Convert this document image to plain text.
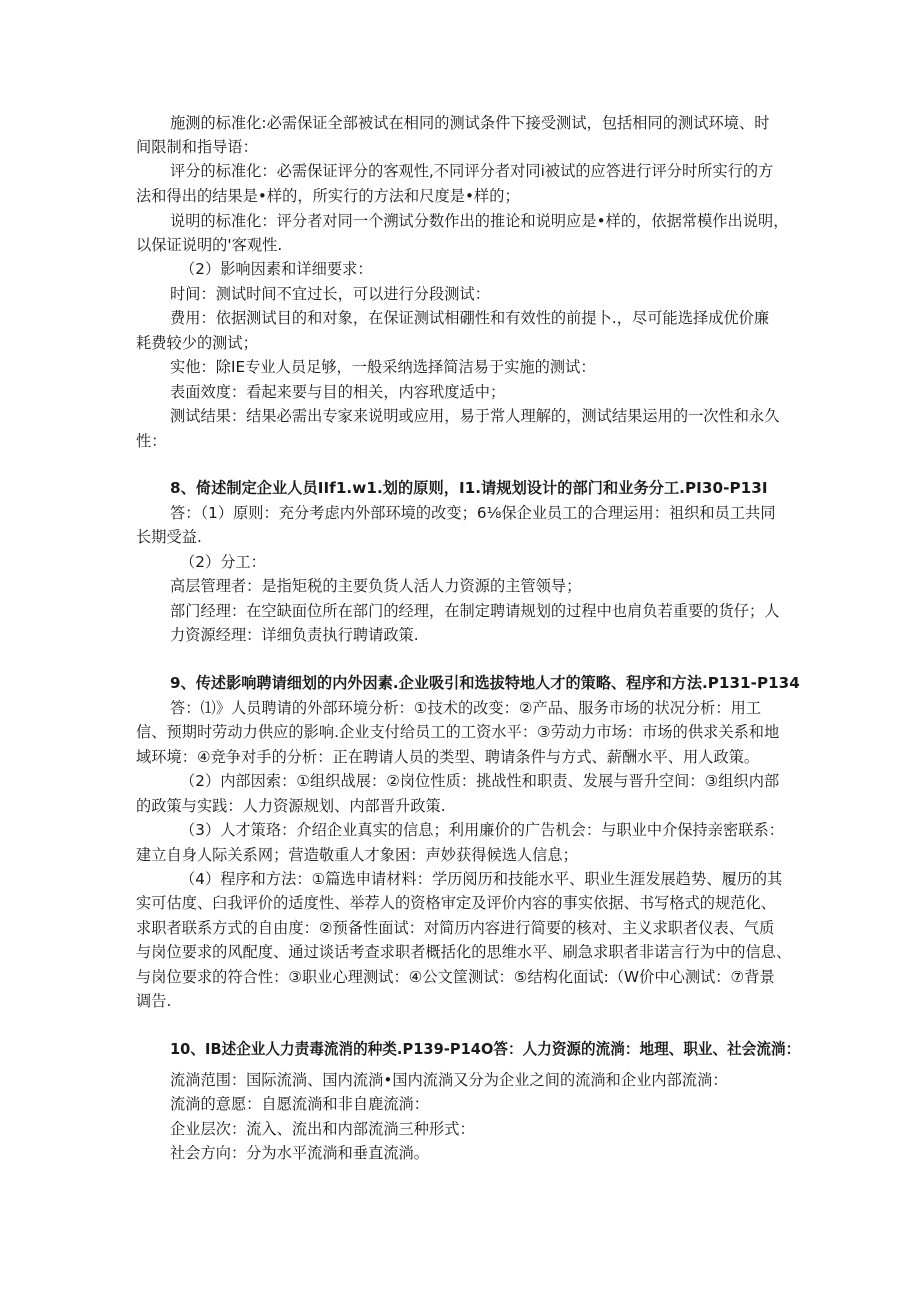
施测的标准化:必需保证全部被试在相同的测试条件下接受测试，包括相同的测试环境、时
间限制和指导语：
评分的标准化：必需保证评分的客观性,不同评分者对同i被试的应答进行评分时所实行的方
法和得出的结果是•样的，所实行的方法和尺度是•样的；
说明的标准化：评分者对同一个溯试分数作出的推论和说明应是•样的，依据常模作出说明，
以保证说明的'客观性.
（2）影响因素和详细要求：
时间：测试时间不宜过长，可以进行分段测试：
费用：依据测试目的和对象，在保证测试相硼性和有效性的前提卜.，尽可能选择成优价廉
耗费较少的测试；
实他：除IE专业人员足够，一般采纳选择简洁易于实施的测试：
表面效度：看起来要与目的相关，内容玳度适中；
测试结果：结果必需出专家来说明或应用，易于常人理解的，测试结果运用的一次性和永久
性：
8、倚述制定企业人员IIf1.w1.划的原则，I1.请规划设计的部门和业务分工.PI30-P13I
答：（1）原则：充分考虑内外部环境的改变；6⅛保企业员工的合理运用：祖织和员工共同
长期受益.
（2）分工：
高层管理者：是指矩税的主要负货人活人力资源的主管领导；
部门经理：在空缺面位所在部门的经理，在制定聘请规划的过程中也肩负若重要的货仔；人
力资源经理：详细负责执行聘请政策.
9、传述影响聘请细划的内外因素.企业吸引和选拔特地人才的策略、程序和方法.P131-P134
答：⑴》人员聘请的外部环境分析：①技术的改变：②产品、服务市场的状况分析：用工
信、预期时劳动力供应的影响.企业支付给员工的工资水平：③劳动力市场：市场的供求关系和地
域环境：④竞争对手的分析：正在聘请人员的类型、聘请条件与方式、薪酬水平、用人政策。
（2）内部因索：①组织战展：②岗位性质：挑战性和职责、发展与晋升空间：③组织内部
的政策与实践：人力资源规划、内部晋升政策.
（3）人才策珞：介绍企业真实的信息；利用廉价的广告机会：与职业中介保持亲密联系：
建立自身人际关系网；营造敬重人才象困：声妙获得候选人信息；
（4）程序和方法：①篇选申请材料：学历阅历和技能水平、职业生涯发展趋势、履历的其
实可估度、臼我评价的适度性、举荐人的资格审定及评价内容的事实依据、书写格式的规范化、
求职者联系方式的自由度：②预备性面试：对简历内容进行简要的核对、主义求职者仪表、气质
与岗位要求的风配度、通过谈话考查求职者概括化的思维水平、刷急求职者非诺言行为中的信息、
与岗位要求的符合性：③职业心理测试：④公文筐测试：⑤结构化面试:（W价中心测试：⑦背景
调告.
10、IB述企业人力责毒流消的种类.P139-P14O答：人力资源的流淌：地理、职业、社会流淌：
流淌范围：国际流淌、国内流淌•国内流淌又分为企业之间的流淌和企业内部流淌：
流淌的意愿：自愿流淌和非自鹿流淌：
企业层次：流入、流出和内部流淌三种形式：
社会方向：分为水平流淌和垂直流淌。
